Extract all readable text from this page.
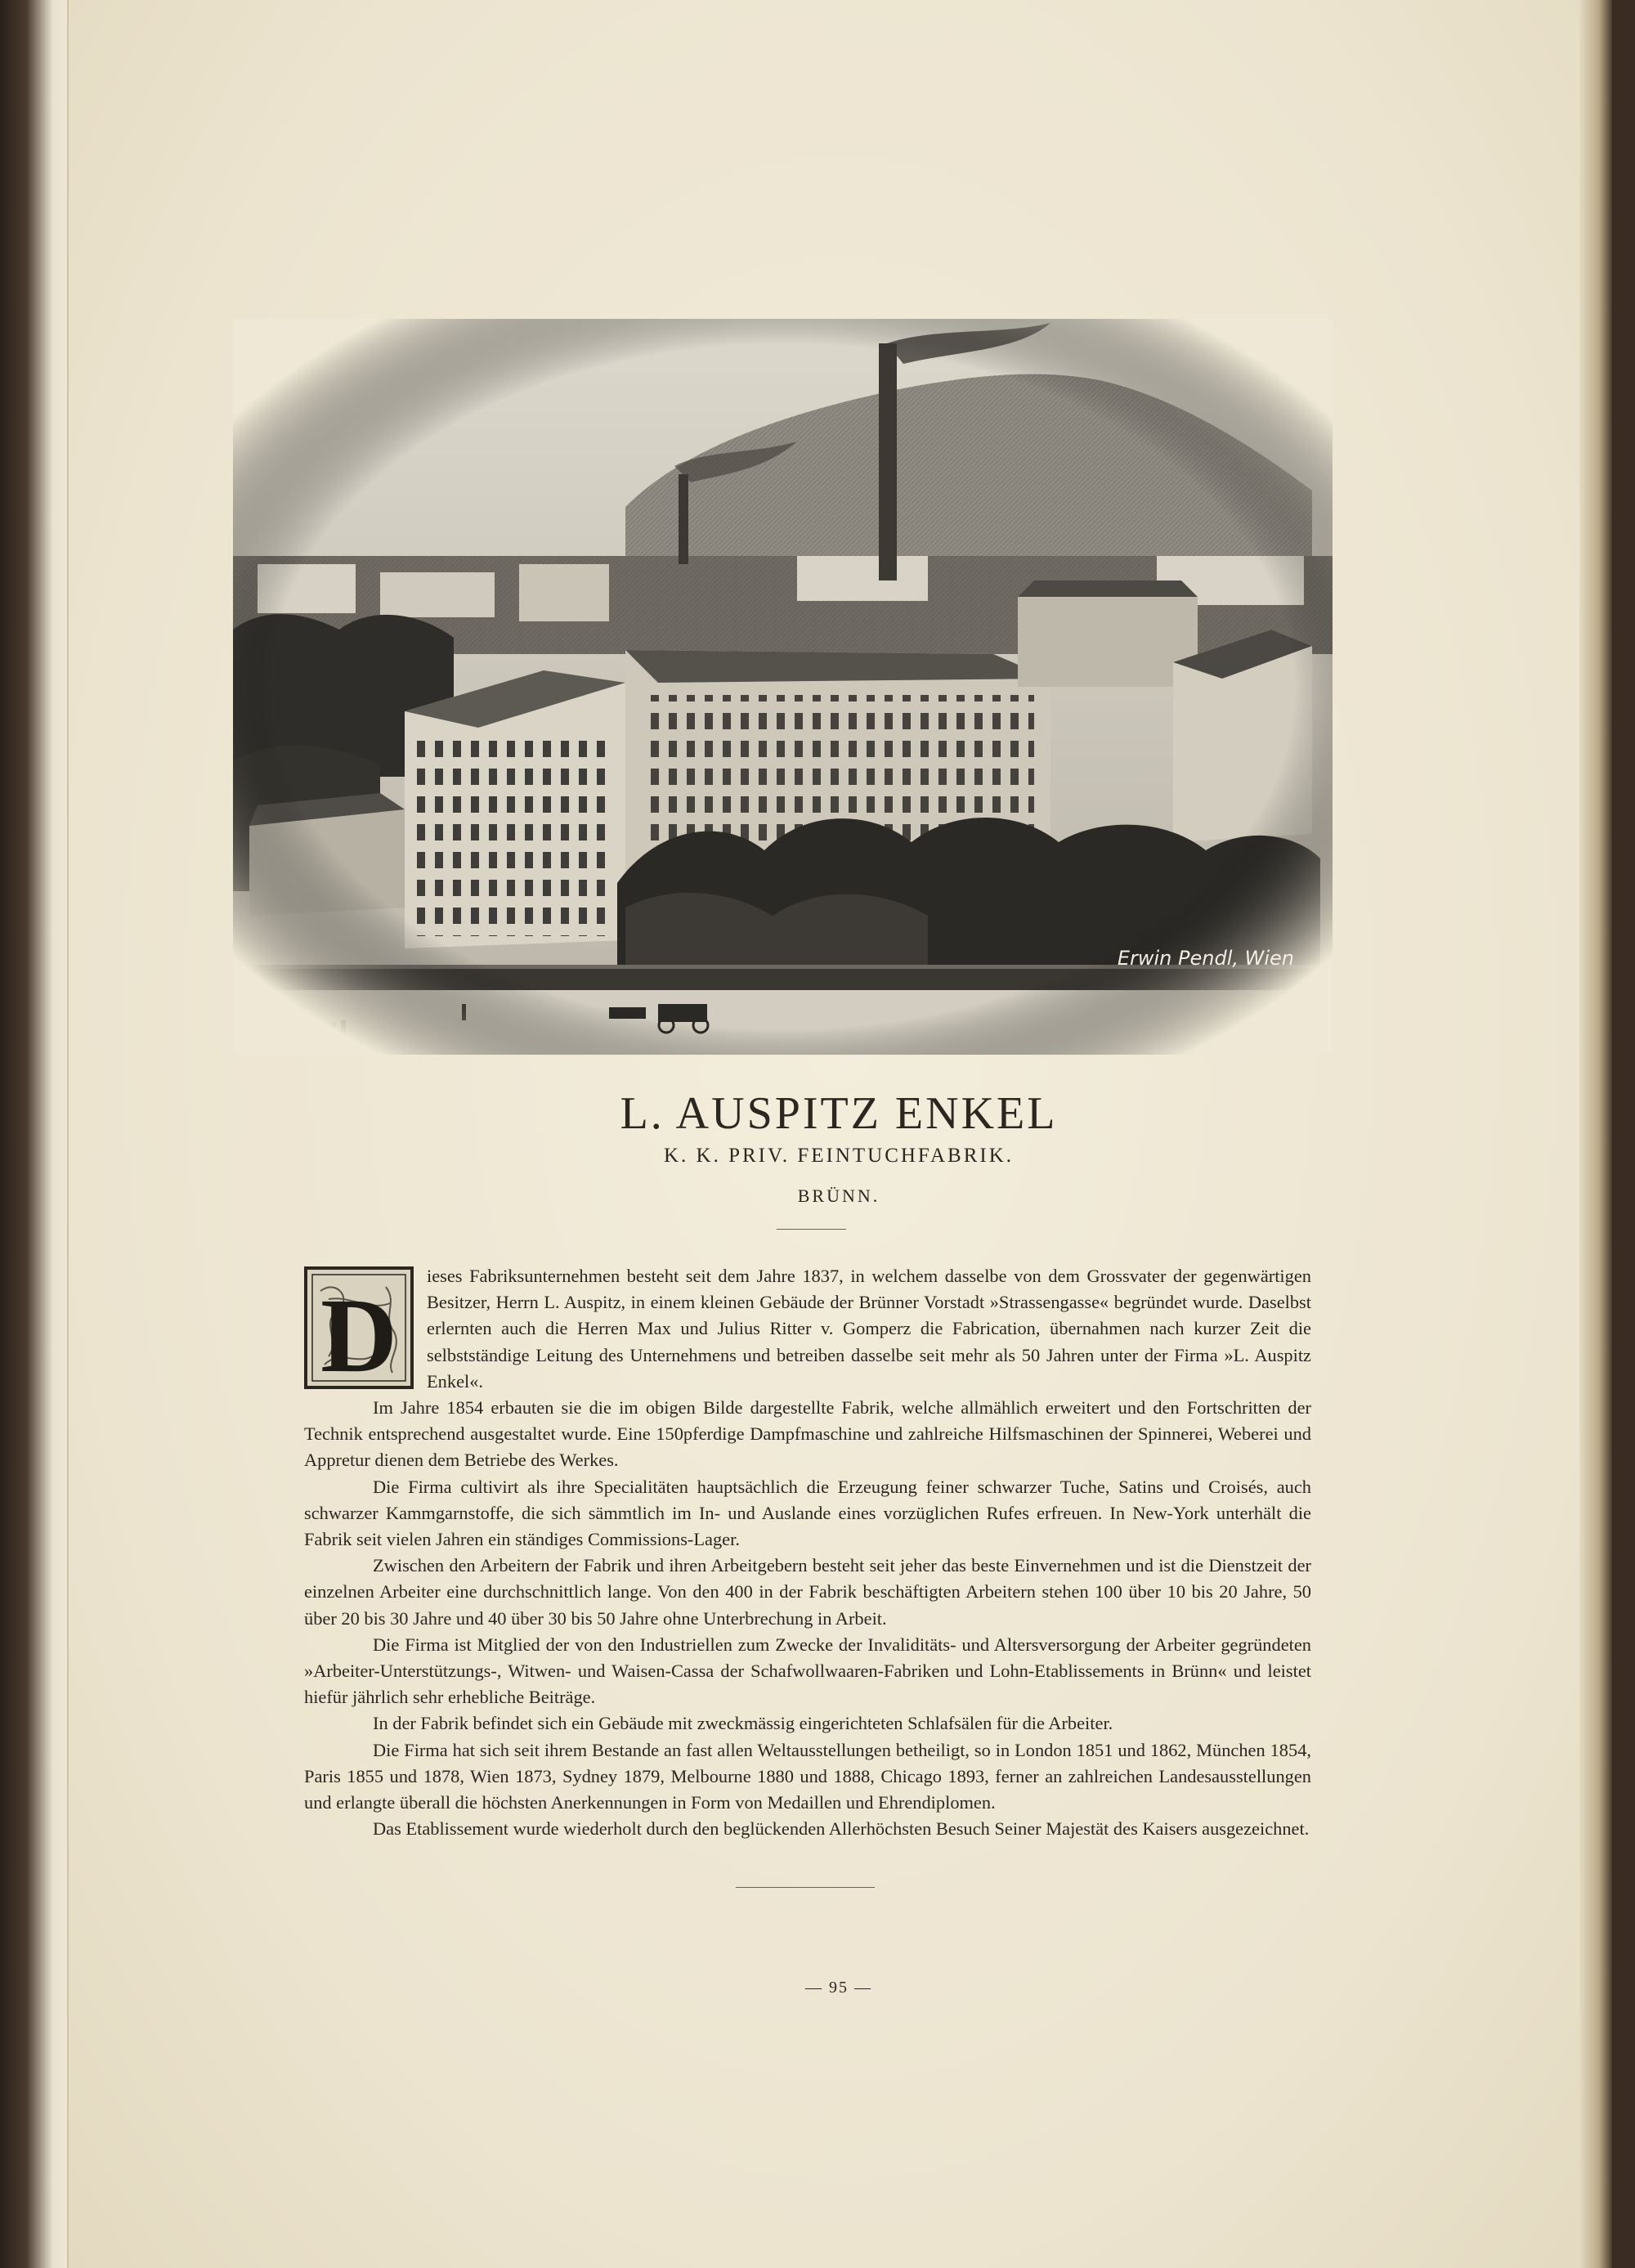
Erwin Pendl, Wien
L. AUSPITZ ENKEL
K. K. PRIV. FEINTUCHFABRIK.
BRÜNN.

D
ieses Fabriksunternehmen besteht seit dem Jahre 1837, in welchem dasselbe von dem Grossvater der gegenwärtigen Besitzer, Herrn L. Auspitz, in einem kleinen Gebäude der Brünner Vorstadt »Strassengasse« begründet wurde. Daselbst erlernten auch die Herren Max und Julius Ritter v. Gomperz die Fabrication, übernahmen nach kurzer Zeit die selbstständige Leitung des Unternehmens und betreiben dasselbe seit mehr als 50 Jahren unter der Firma »L. Auspitz Enkel«.

Im Jahre 1854 erbauten sie die im obigen Bilde dargestellte Fabrik, welche allmählich erweitert und den Fortschritten der Technik entsprechend ausgestaltet wurde. Eine 150pferdige Dampfmaschine und zahlreiche Hilfsmaschinen der Spinnerei, Weberei und Appretur dienen dem Betriebe des Werkes.

Die Firma cultivirt als ihre Specialitäten hauptsächlich die Erzeugung feiner schwarzer Tuche, Satins und Croisés, auch schwarzer Kammgarnstoffe, die sich sämmtlich im In- und Auslande eines vorzüglichen Rufes erfreuen. In New-York unterhält die Fabrik seit vielen Jahren ein ständiges Commissions-Lager.

Zwischen den Arbeitern der Fabrik und ihren Arbeitgebern besteht seit jeher das beste Einvernehmen und ist die Dienstzeit der einzelnen Arbeiter eine durchschnittlich lange. Von den 400 in der Fabrik beschäftigten Arbeitern stehen 100 über 10 bis 20 Jahre, 50 über 20 bis 30 Jahre und 40 über 30 bis 50 Jahre ohne Unterbrechung in Arbeit.

Die Firma ist Mitglied der von den Industriellen zum Zwecke der Invaliditäts- und Altersversorgung der Arbeiter gegründeten »Arbeiter-Unterstützungs-, Witwen- und Waisen-Cassa der Schafwollwaaren-Fabriken und Lohn-Etablissements in Brünn« und leistet hiefür jährlich sehr erhebliche Beiträge.

In der Fabrik befindet sich ein Gebäude mit zweckmässig eingerichteten Schlafsälen für die Arbeiter.

Die Firma hat sich seit ihrem Bestande an fast allen Weltausstellungen betheiligt, so in London 1851 und 1862, München 1854, Paris 1855 und 1878, Wien 1873, Sydney 1879, Melbourne 1880 und 1888, Chicago 1893, ferner an zahlreichen Landesausstellungen und erlangte überall die höchsten Anerkennungen in Form von Medaillen und Ehrendiplomen.

Das Etablissement wurde wiederholt durch den beglückenden Allerhöchsten Besuch Seiner Majestät des Kaisers ausgezeichnet.

— 95 —
